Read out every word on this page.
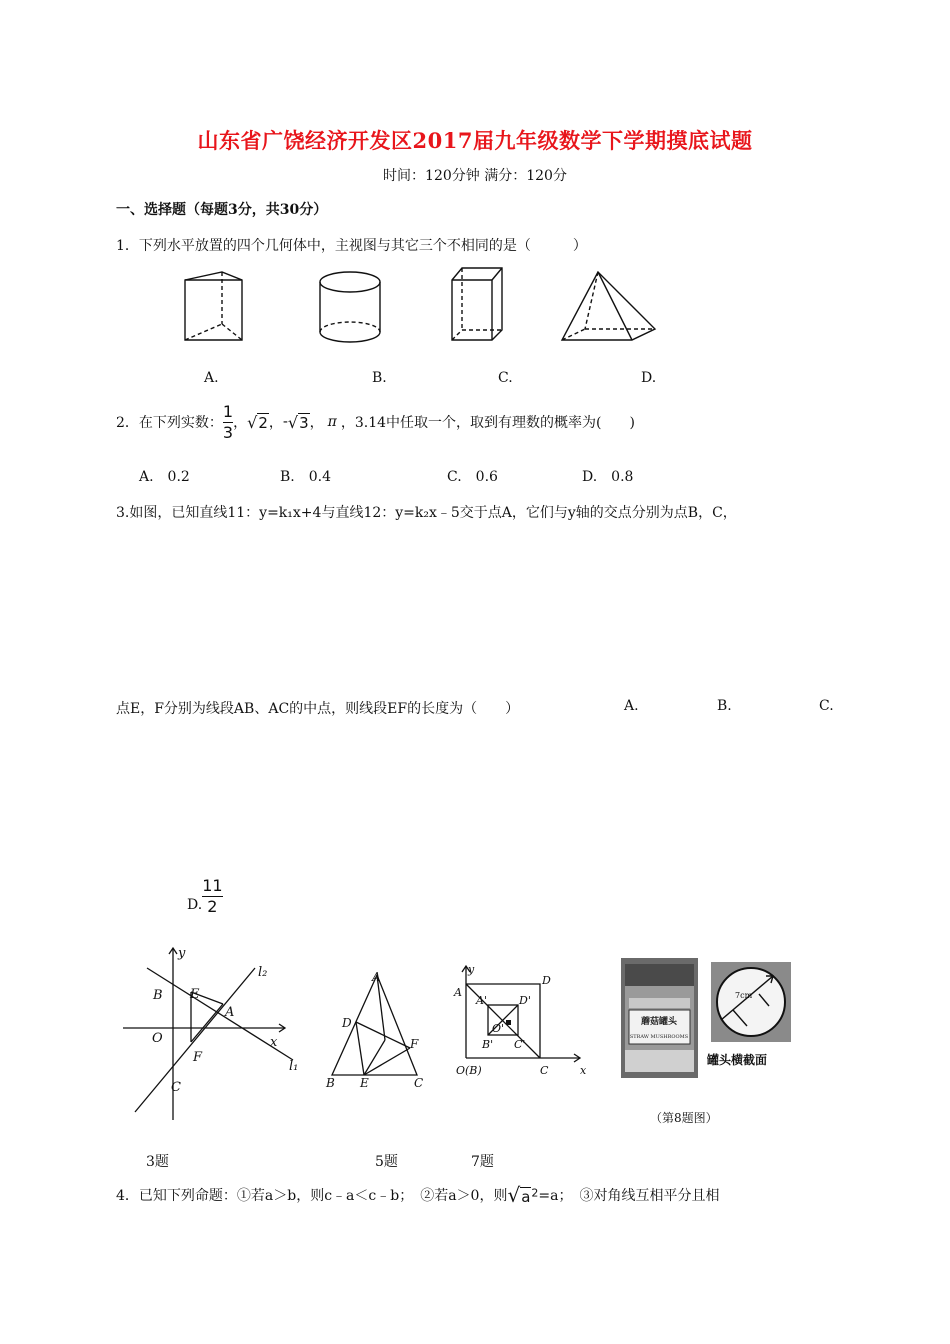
山东省广饶经济开发区2017届九年级数学下学期摸底试题
时间：120分钟 满分：120分
一、选择题（每题3分，共30分）
1．下列水平放置的四个几何体中，主视图与其它三个不相同的是（　　　）
A.	B.	C.	D.
2．在下列实数： $\frac{1}{3}$ ， √2 ， - √3 ， π ，3.14中任取一个，取到有理数的概率为(　　)
A.　0.2	B.　0.4	C.　0.6	D.　0.8
3.如图，已知直线11：y=k₁x+4与直线12：y=k₂x﹣5交于点A，它们与y轴的交点分别为点B，C，
点E，F分别为线段AB、AC的中点，则线段EF的长度为（　　）	A.	B.	C.
D. $\frac{11}{2}$
y
l₂
B E
A
O	x
F
C
l₁
A
D
F
B E	C
y
A
D
A'	D'
O'
B' C'
O(B)	C	x
蘑菇罐头
STRAW MUSHROOMS
7cm
罐头横截面
（第8题图）
3题	5题	7题
4．已知下列命题：①若a＞b，则c﹣a＜c﹣b；　②若a＞0，则 $√a^2 =a$；　③对角线互相平分且相
